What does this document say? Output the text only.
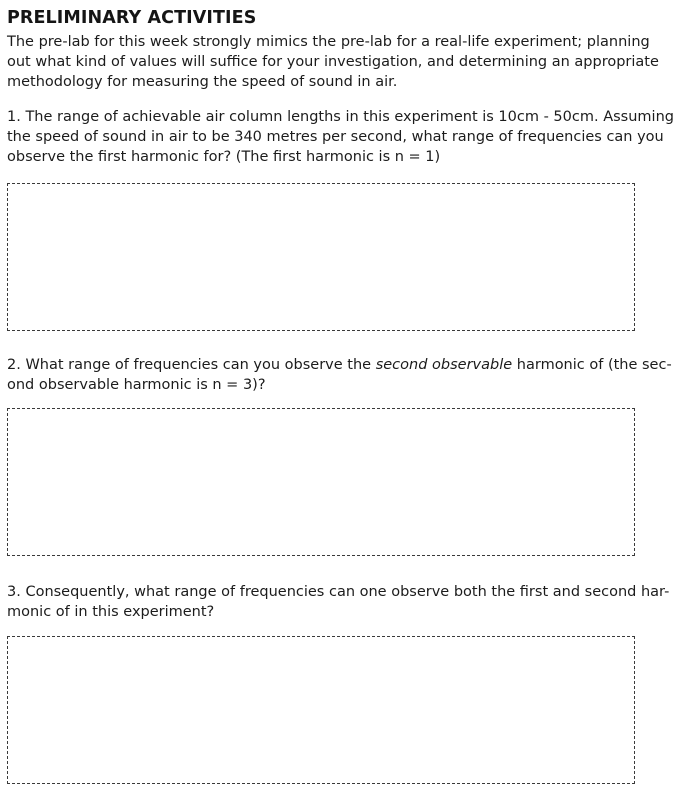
PRELIMINARY ACTIVITIES

The pre-lab for this week strongly mimics the pre-lab for a real-life experiment; planning
out what kind of values will suffice for your investigation, and determining an appropriate
methodology for measuring the speed of sound in air.

1. The range of achievable air column lengths in this experiment is 10cm - 50cm. Assuming
the speed of sound in air to be 340 metres per second, what range of frequencies can you
observe the first harmonic for? (The first harmonic is n = 1)

2. What range of frequencies can you observe the second observable harmonic of (the sec-
ond observable harmonic is n = 3)?

3. Consequently, what range of frequencies can one observe both the first and second har-
monic of in this experiment?
